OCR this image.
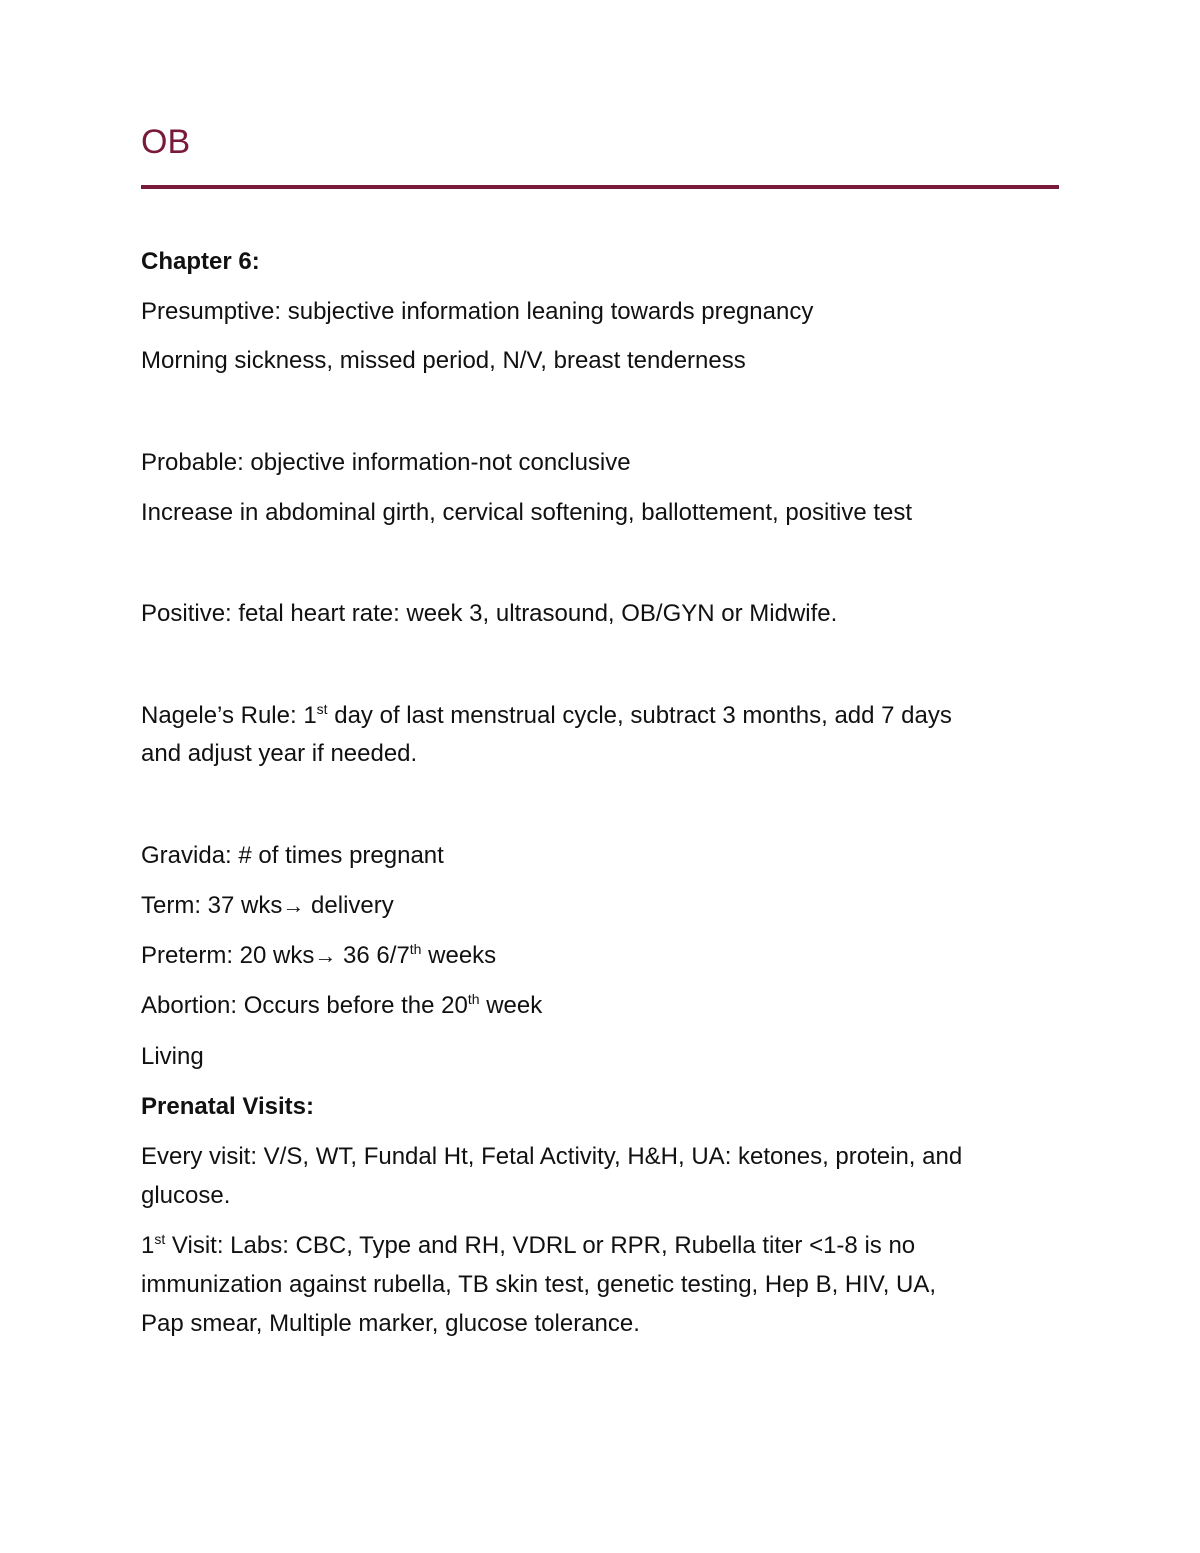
OB

Chapter 6:

Presumptive: subjective information leaning towards pregnancy

Morning sickness, missed period, N/V, breast tenderness

Probable: objective information-not conclusive

Increase in abdominal girth, cervical softening, ballottement, positive test

Positive: fetal heart rate: week 3, ultrasound, OB/GYN or Midwife.

Nagele’s Rule: 1st day of last menstrual cycle, subtract 3 months, add 7 days

and adjust year if needed.

Gravida: # of times pregnant

Term: 37 wks→ delivery

Preterm: 20 wks→ 36 6/7th weeks

Abortion: Occurs before the 20th week

Living

Prenatal Visits:

Every visit: V/S, WT, Fundal Ht, Fetal Activity, H&H, UA: ketones, protein, and

glucose.

1st Visit: Labs: CBC, Type and RH, VDRL or RPR, Rubella titer <1-8 is no

immunization against rubella, TB skin test, genetic testing, Hep B, HIV, UA,

Pap smear, Multiple marker, glucose tolerance.
